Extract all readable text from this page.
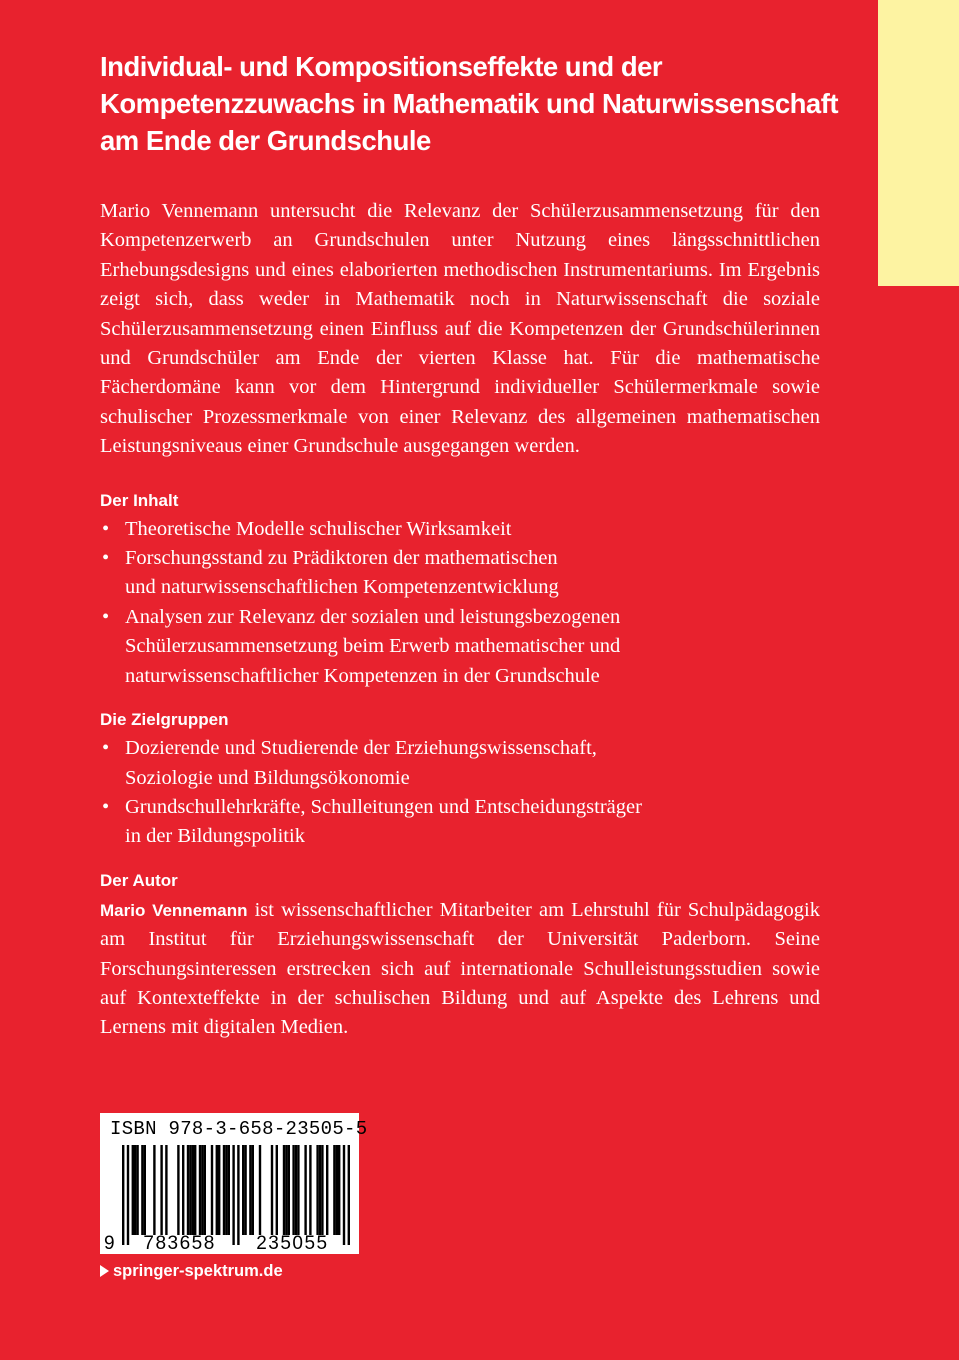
Individual- und Kompositionseffekte und der
Kompetenzzuwachs in Mathematik und Naturwissenschaft
am Ende der Grundschule

Mario Vennemann untersucht die Relevanz der Schülerzusammensetzung für den Kompetenzerwerb an Grundschulen unter Nutzung eines längsschnittlichen Erhebungsdesigns und eines elaborierten methodischen Instrumentariums. Im Ergebnis zeigt sich, dass weder in Mathematik noch in Naturwissenschaft die soziale Schülerzusammensetzung einen Einfluss auf die Kompetenzen der Grundschülerinnen und Grundschüler am Ende der vierten Klasse hat. Für die mathematische Fächerdomäne kann vor dem Hintergrund individueller Schülermerkmale sowie schulischer Prozessmerkmale von einer Relevanz des allgemeinen mathematischen Leistungsniveaus einer Grundschule ausgegangen werden.

Der Inhalt
• Theoretische Modelle schulischer Wirksamkeit
• Forschungsstand zu Prädiktoren der mathematischen
und naturwissenschaftlichen Kompetenzentwicklung
• Analysen zur Relevanz der sozialen und leistungsbezogenen
Schülerzusammensetzung beim Erwerb mathematischer und
naturwissenschaftlicher Kompetenzen in der Grundschule
Die Zielgruppen
• Dozierende und Studierende der Erziehungswissenschaft,
Soziologie und Bildungsökonomie
• Grundschullehrkräfte, Schulleitungen und Entscheidungsträger
in der Bildungspolitik
Der Autor

Mario Vennemann ist wissenschaftlicher Mitarbeiter am Lehrstuhl für Schulpädagogik am Institut für Erziehungswissenschaft der Universität Paderborn. Seine Forschungsinteressen erstrecken sich auf internationale Schulleistungsstudien sowie auf Kontexteffekte in der schulischen Bildung und auf Aspekte des Lehrens und Lernens mit digitalen Medien.

9 783658 235055
ISBN 978-3-658-23505-5
springer-spektrum.de
